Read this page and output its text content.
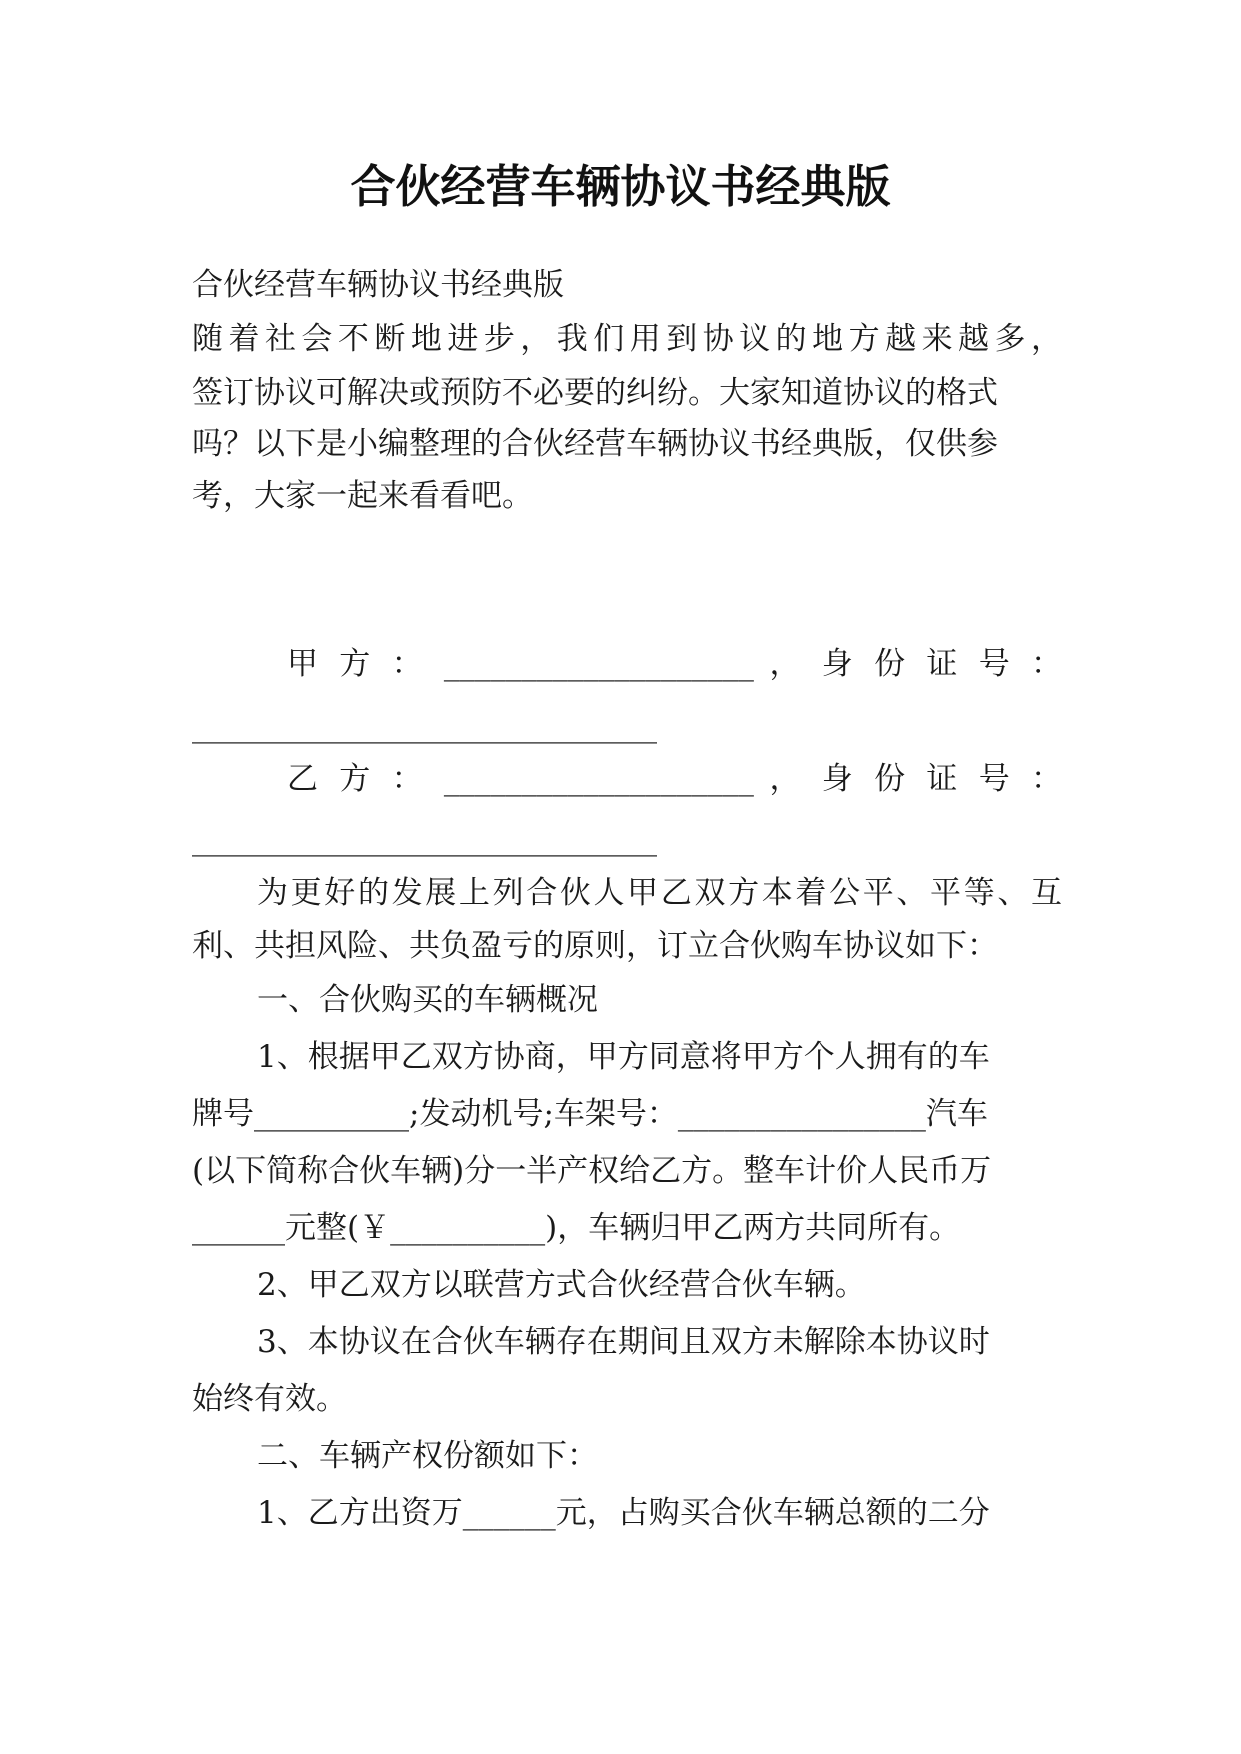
合伙经营车辆协议书经典版
合伙经营车辆协议书经典版
随着社会不断地进步，我们用到协议的地方越来越多，
签订协议可解决或预防不必要的纠纷。大家知道协议的格式
吗？以下是小编整理的合伙经营车辆协议书经典版，仅供参
考，大家一起来看看吧。
甲 方 ： ____________________ ， 身 份 证 号 ：
______________________________
乙 方 ： ____________________ ， 身 份 证 号 ：
______________________________
为更好的发展上列合伙人甲乙双方本着公平、平等、互
利、共担风险、共负盈亏的原则，订立合伙购车协议如下：
一、合伙购买的车辆概况
1、根据甲乙双方协商，甲方同意将甲方个人拥有的车
牌号__________;发动机号;车架号：________________汽车
(以下简称合伙车辆)分一半产权给乙方。整车计价人民币万
______元整(￥__________)，车辆归甲乙两方共同所有。
2、甲乙双方以联营方式合伙经营合伙车辆。
3、本协议在合伙车辆存在期间且双方未解除本协议时
始终有效。
二、车辆产权份额如下：
1、乙方出资万______元，占购买合伙车辆总额的二分
